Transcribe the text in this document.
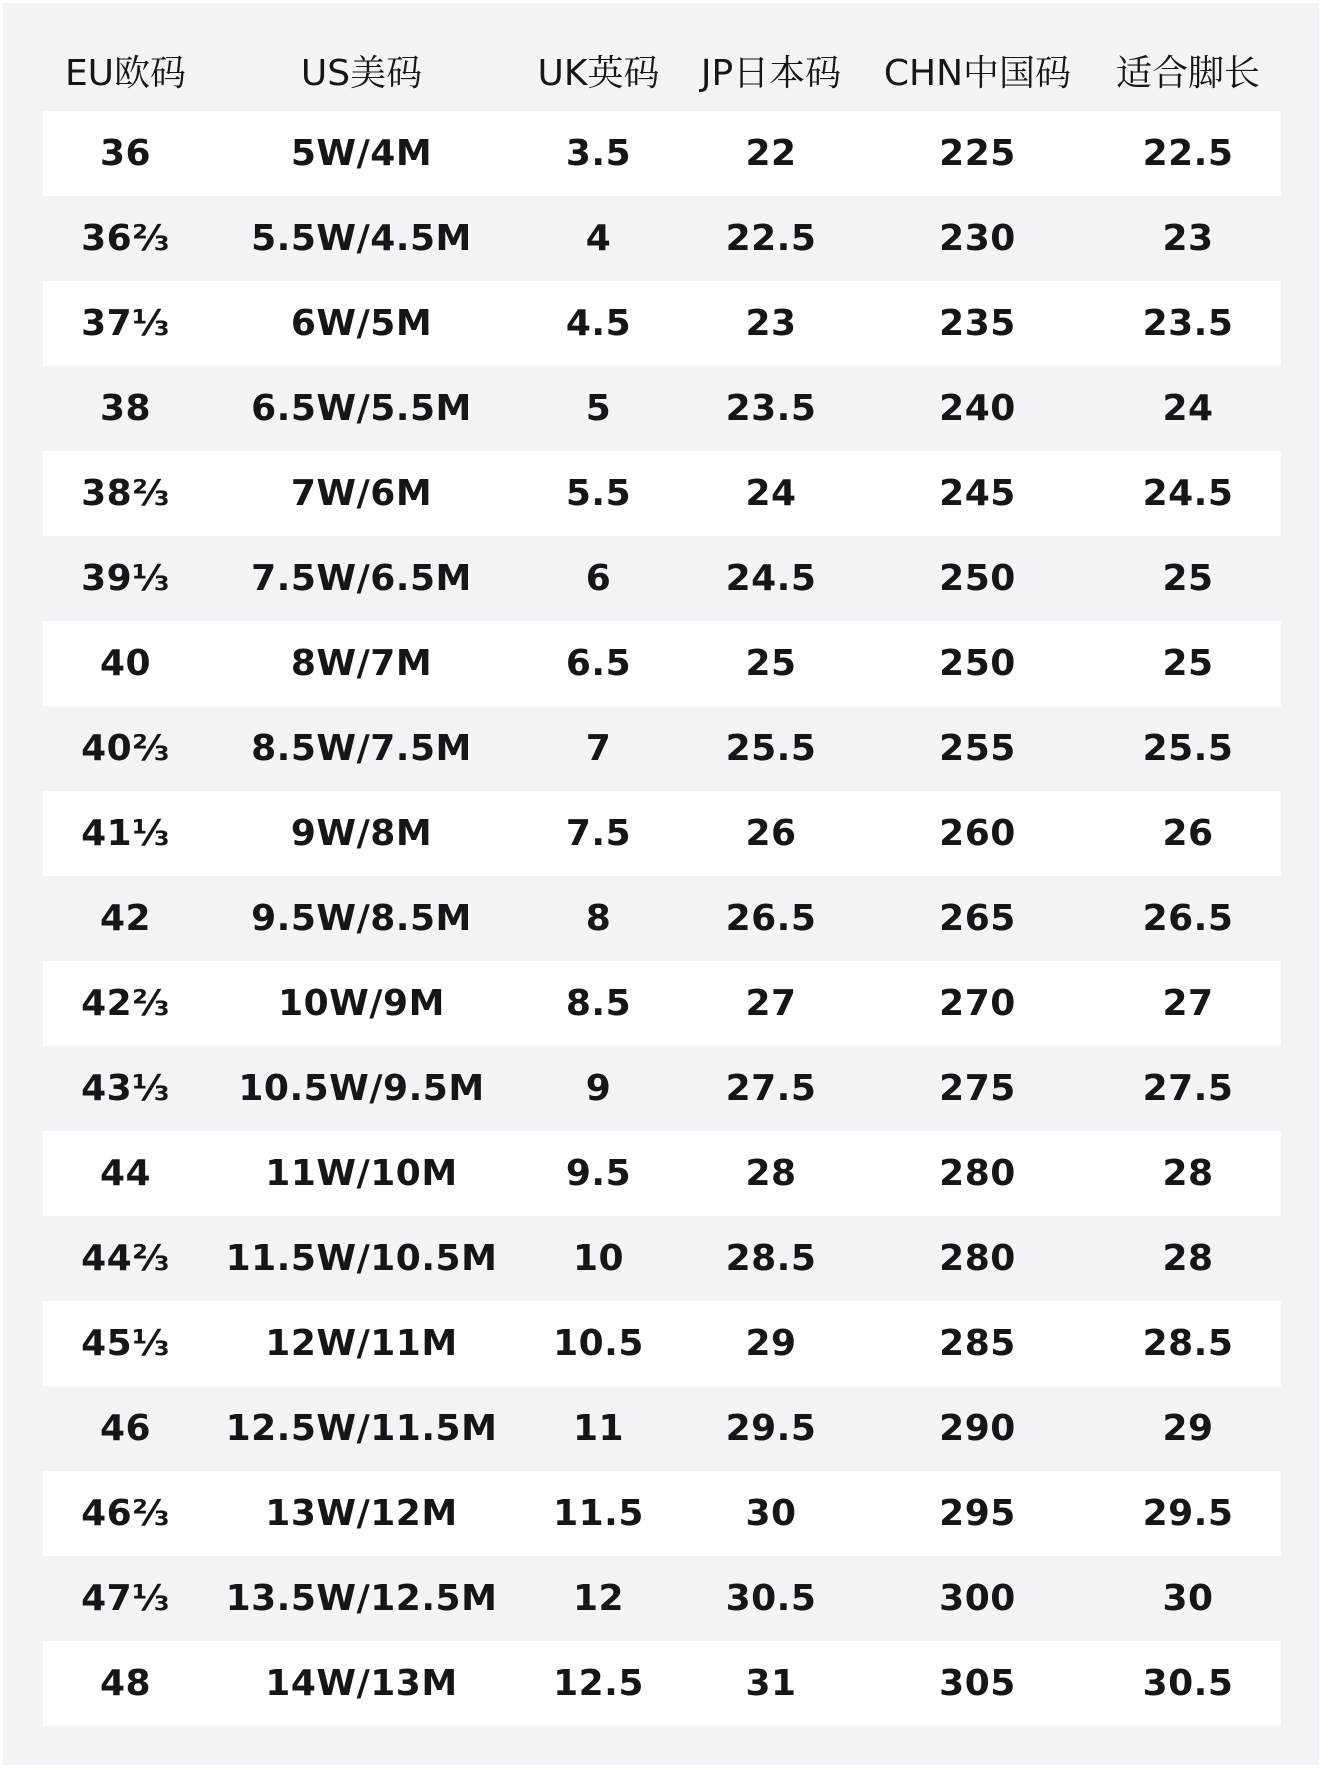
EU欧码	US美码	UK英码	JP日本码	CHN中国码	适合脚长
36	5W/4M	3.5	22	225	22.5
36⅔	5.5W/4.5M	4	22.5	230	23
37⅓	6W/5M	4.5	23	235	23.5
38	6.5W/5.5M	5	23.5	240	24
38⅔	7W/6M	5.5	24	245	24.5
39⅓	7.5W/6.5M	6	24.5	250	25
40	8W/7M	6.5	25	250	25
40⅔	8.5W/7.5M	7	25.5	255	25.5
41⅓	9W/8M	7.5	26	260	26
42	9.5W/8.5M	8	26.5	265	26.5
42⅔	10W/9M	8.5	27	270	27
43⅓	10.5W/9.5M	9	27.5	275	27.5
44	11W/10M	9.5	28	280	28
44⅔	11.5W/10.5M	10	28.5	280	28
45⅓	12W/11M	10.5	29	285	28.5
46	12.5W/11.5M	11	29.5	290	29
46⅔	13W/12M	11.5	30	295	29.5
47⅓	13.5W/12.5M	12	30.5	300	30
48	14W/13M	12.5	31	305	30.5
